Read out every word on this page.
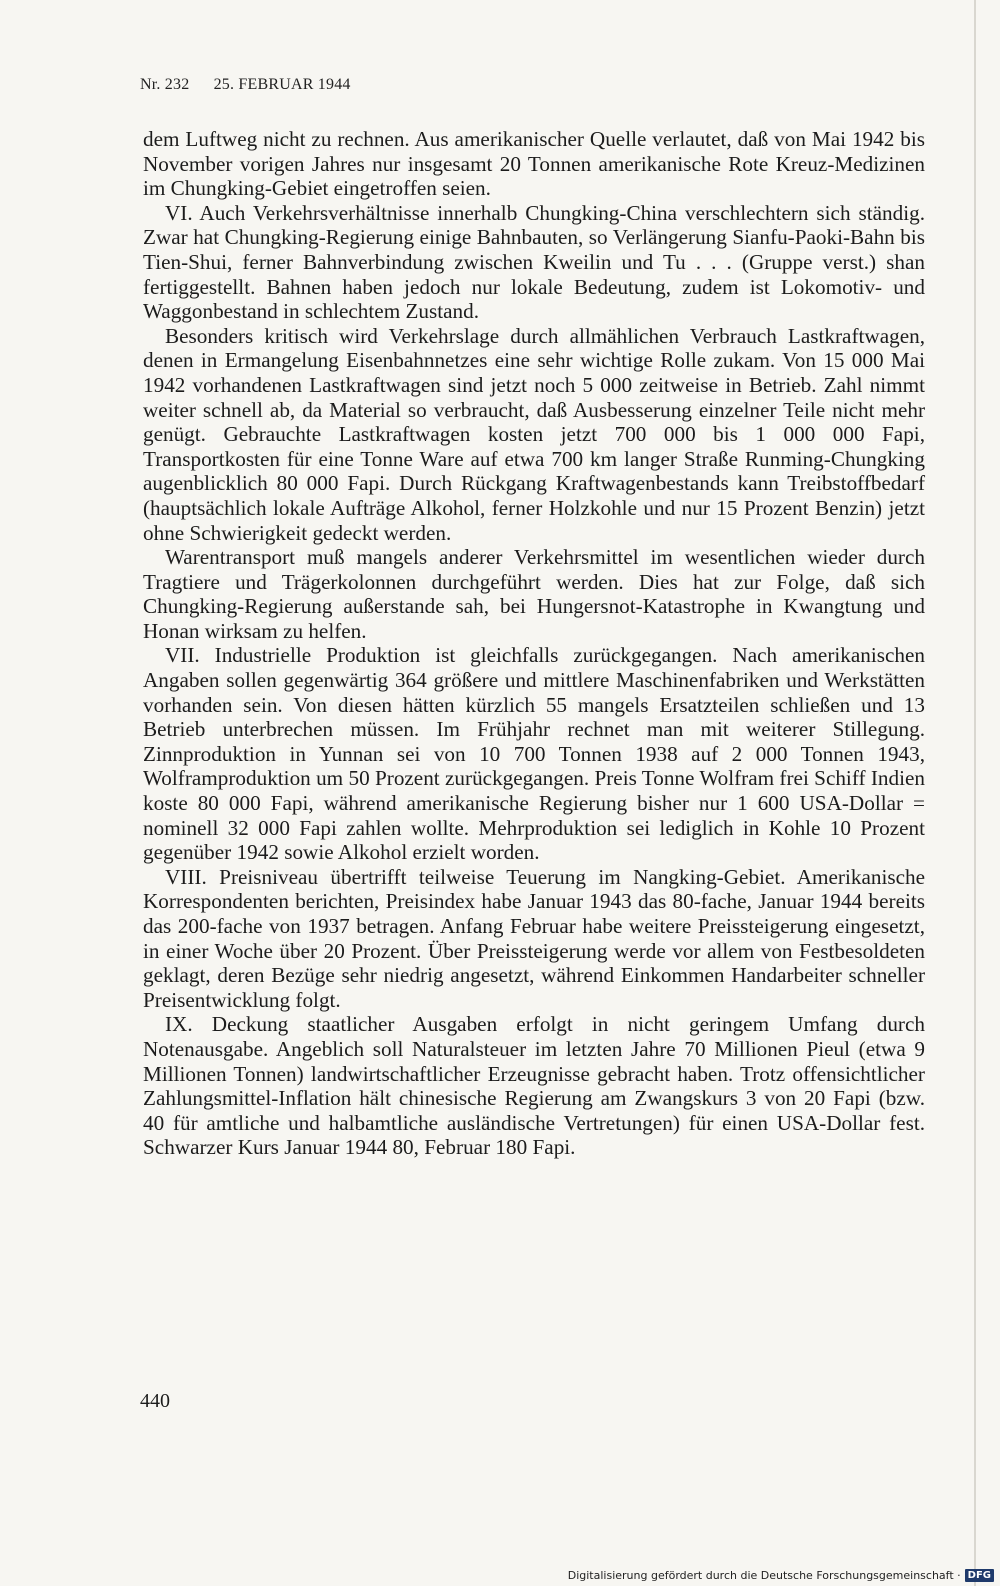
Nr. 232 25. FEBRUAR 1944

dem Luftweg nicht zu rechnen. Aus amerikanischer Quelle verlautet, daß von Mai 1942 bis November vorigen Jahres nur insgesamt 20 Tonnen amerikanische Rote Kreuz-Medizinen im Chungking-Gebiet eingetroffen seien.

VI. Auch Verkehrsverhältnisse innerhalb Chungking-China verschlechtern sich ständig. Zwar hat Chungking-Regierung einige Bahnbauten, so Verlängerung Sianfu-Paoki-Bahn bis Tien-Shui, ferner Bahnverbindung zwischen Kweilin und Tu . . . (Gruppe verst.) shan fertiggestellt. Bahnen haben jedoch nur lokale Bedeutung, zudem ist Lokomotiv- und Waggonbestand in schlechtem Zustand.

Besonders kritisch wird Verkehrslage durch allmählichen Verbrauch Lastkraftwagen, denen in Ermangelung Eisenbahnnetzes eine sehr wichtige Rolle zukam. Von 15 000 Mai 1942 vorhandenen Lastkraftwagen sind jetzt noch 5 000 zeitweise in Betrieb. Zahl nimmt weiter schnell ab, da Material so verbraucht, daß Ausbesserung einzelner Teile nicht mehr genügt. Gebrauchte Lastkraftwagen kosten jetzt 700 000 bis 1 000 000 Fapi, Transportkosten für eine Tonne Ware auf etwa 700 km langer Straße Runming-Chungking augenblicklich 80 000 Fapi. Durch Rückgang Kraftwagenbestands kann Treibstoffbedarf (hauptsächlich lokale Aufträge Alkohol, ferner Holzkohle und nur 15 Prozent Benzin) jetzt ohne Schwierigkeit gedeckt werden.

Warentransport muß mangels anderer Verkehrsmittel im wesentlichen wieder durch Tragtiere und Trägerkolonnen durchgeführt werden. Dies hat zur Folge, daß sich Chungking-Regierung außerstande sah, bei Hungersnot-Katastrophe in Kwangtung und Honan wirksam zu helfen.

VII. Industrielle Produktion ist gleichfalls zurückgegangen. Nach amerikanischen Angaben sollen gegenwärtig 364 größere und mittlere Maschinenfabriken und Werkstätten vorhanden sein. Von diesen hätten kürzlich 55 mangels Ersatzteilen schließen und 13 Betrieb unterbrechen müssen. Im Frühjahr rechnet man mit weiterer Stillegung. Zinnproduktion in Yunnan sei von 10 700 Tonnen 1938 auf 2 000 Tonnen 1943, Wolframproduktion um 50 Prozent zurückgegangen. Preis Tonne Wolfram frei Schiff Indien koste 80 000 Fapi, während amerikanische Regierung bisher nur 1 600 USA-Dollar = nominell 32 000 Fapi zahlen wollte. Mehrproduktion sei lediglich in Kohle 10 Prozent gegenüber 1942 sowie Alkohol erzielt worden.

VIII. Preisniveau übertrifft teilweise Teuerung im Nangking-Gebiet. Amerikanische Korrespondenten berichten, Preisindex habe Januar 1943 das 80-fache, Januar 1944 bereits das 200-fache von 1937 betragen. Anfang Februar habe weitere Preissteigerung eingesetzt, in einer Woche über 20 Prozent. Über Preissteigerung werde vor allem von Festbesoldeten geklagt, deren Bezüge sehr niedrig angesetzt, während Einkommen Handarbeiter schneller Preisentwicklung folgt.

IX. Deckung staatlicher Ausgaben erfolgt in nicht geringem Umfang durch Notenausgabe. Angeblich soll Naturalsteuer im letzten Jahre 70 Millionen Pieul (etwa 9 Millionen Tonnen) landwirtschaftlicher Erzeugnisse gebracht haben. Trotz offensichtlicher Zahlungsmittel-Inflation hält chinesische Regierung am Zwangskurs 3 von 20 Fapi (bzw. 40 für amtliche und halbamtliche ausländische Vertretungen) für einen USA-Dollar fest. Schwarzer Kurs Januar 1944 80, Februar 180 Fapi.

440
Digitalisierung gefördert durch die Deutsche Forschungsgemeinschaft · DFG
